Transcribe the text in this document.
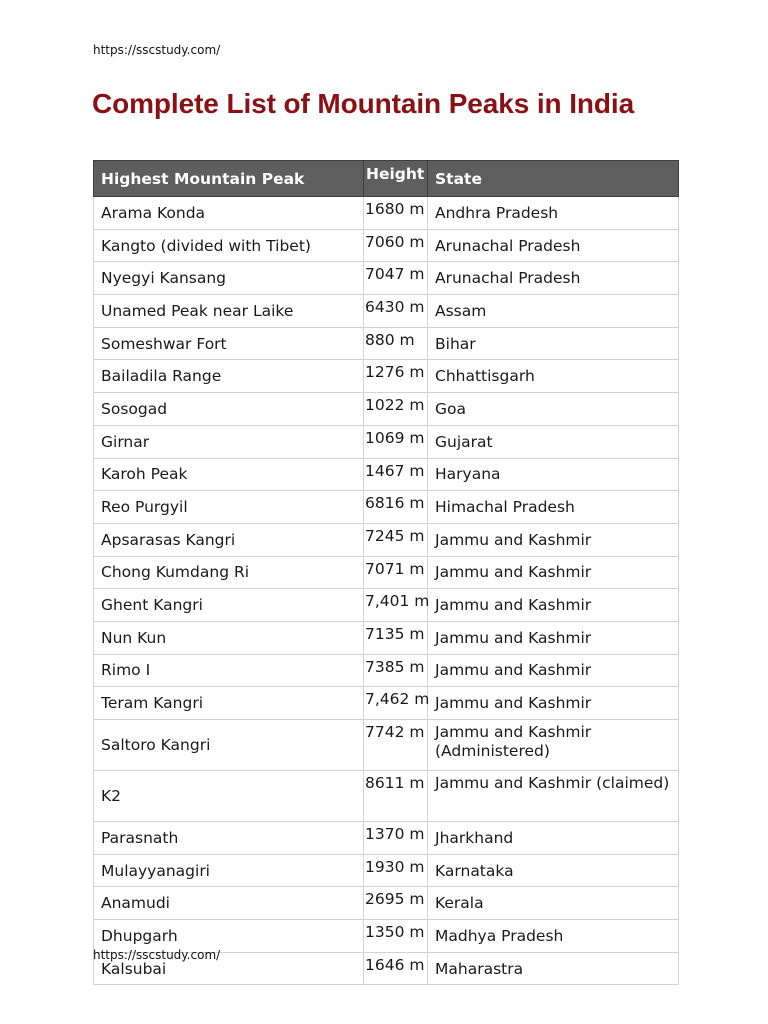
https://sscstudy.com/
Complete List of Mountain Peaks in India
Highest Mountain Peak	Height	State
Arama Konda	1680 m	Andhra Pradesh
Kangto (divided with Tibet)	7060 m	Arunachal Pradesh
Nyegyi Kansang	7047 m	Arunachal Pradesh
Unamed Peak near Laike	6430 m	Assam
Someshwar Fort	880 m	Bihar
Bailadila Range	1276 m	Chhattisgarh
Sosogad	1022 m	Goa
Girnar	1069 m	Gujarat
Karoh Peak	1467 m	Haryana
Reo Purgyil	6816 m	Himachal Pradesh
Apsarasas Kangri	7245 m	Jammu and Kashmir
Chong Kumdang Ri	7071 m	Jammu and Kashmir
Ghent Kangri	7,401 m	Jammu and Kashmir
Nun Kun	7135 m	Jammu and Kashmir
Rimo I	7385 m	Jammu and Kashmir
Teram Kangri	7,462 m	Jammu and Kashmir
Saltoro Kangri	7742 m	Jammu and Kashmir (Administered)
K2	8611 m	Jammu and Kashmir (claimed)
Parasnath	1370 m	Jharkhand
Mulayyanagiri	1930 m	Karnataka
Anamudi	2695 m	Kerala
Dhupgarh	1350 m	Madhya Pradesh
Kalsubai	1646 m	Maharastra
https://sscstudy.com/
